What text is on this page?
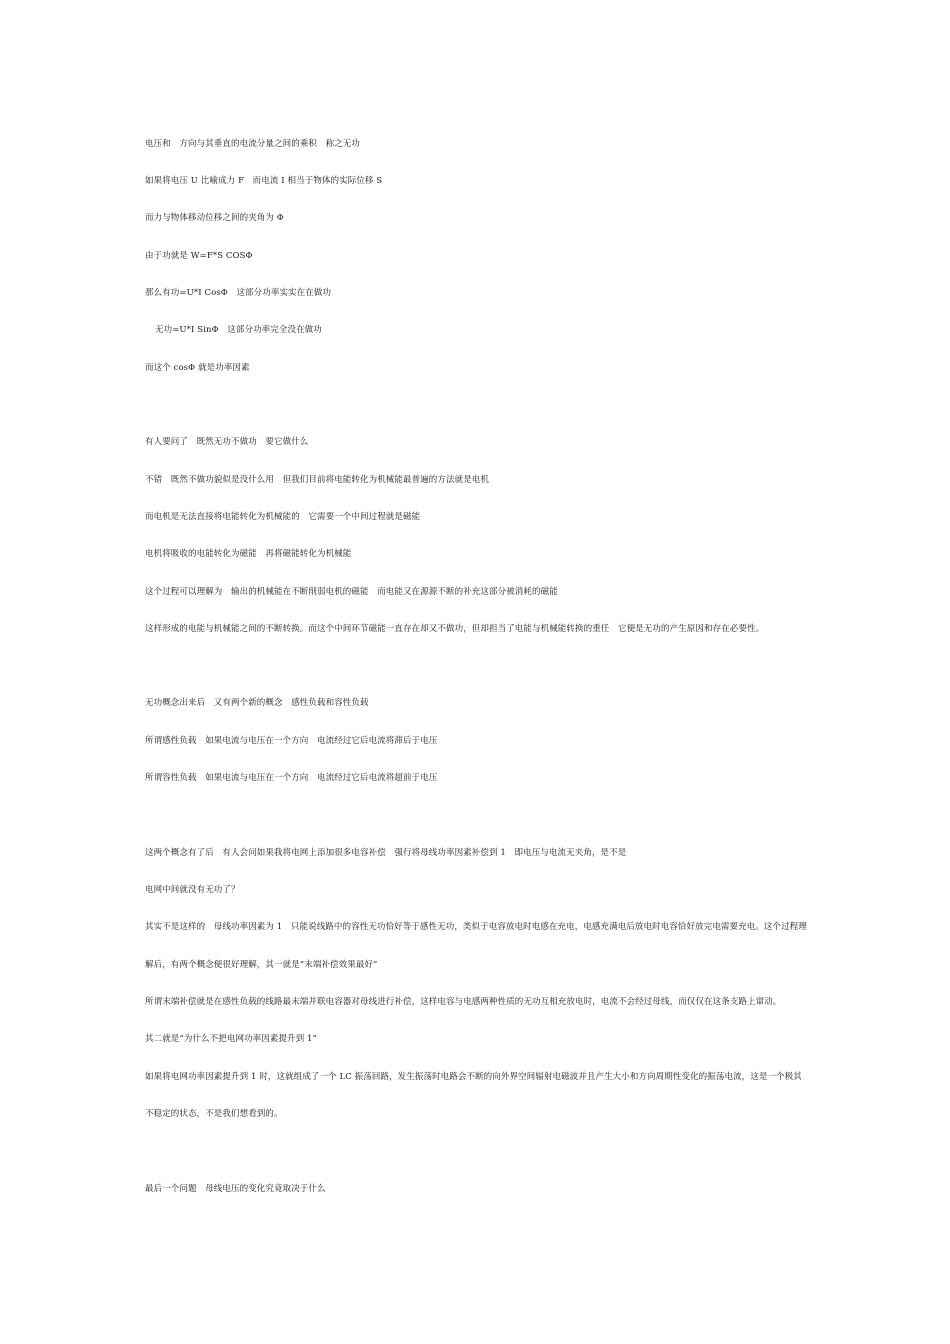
电压和　方向与其垂直的电流分量之间的乘积　称之无功
如果将电压 U 比喻成力 F　而电流 I 相当于物体的实际位移 S
而力与物体移动位移之间的夹角为 Φ
由于功就是 W=F*S COSΦ
那么有功=U*I CosΦ　这部分功率实实在在做功
无功=U*I SinΦ　这部分功率完全没在做功
而这个 cosΦ 就是功率因素
有人要问了　既然无功不做功　要它做什么
不错　既然不做功貌似是没什么用　但我们目前将电能转化为机械能最普遍的方法就是电机
而电机是无法直接将电能转化为机械能的　它需要一个中间过程就是磁能
电机将吸收的电能转化为磁能　再将磁能转化为机械能
这个过程可以理解为　输出的机械能在不断削弱电机的磁能　而电能又在源源不断的补充这部分被消耗的磁能
这样形成的电能与机械能之间的不断转换。而这个中间环节磁能一直存在却又不做功，但却担当了电能与机械能转换的重任　它便是无功的产生原因和存在必要性。
无功概念出来后　又有两个新的概念　感性负载和容性负载
所谓感性负载　如果电流与电压在一个方向　电流经过它后电流将滞后于电压
所谓容性负载　如果电流与电压在一个方向　电流经过它后电流将超前于电压
这两个概念有了后　有人会问如果我将电网上添加很多电容补偿　强行将母线功率因素补偿到 1　即电压与电流无夹角，是不是
电网中间就没有无功了？
其实不是这样的　母线功率因素为 1　只能说线路中的容性无功恰好等于感性无功，类似于电容放电时电感在充电，电感充满电后放电时电容恰好放完电需要充电。这个过程理
解后，有两个概念便很好理解，其一就是“末端补偿效果最好”
所谓末端补偿就是在感性负载的线路最末端并联电容器对母线进行补偿，这样电容与电感两种性质的无功互相充放电时，电流不会经过母线，而仅仅在这条支路上窜动。
其二就是“为什么不把电网功率因素提升到 1”
如果将电网功率因素提升到 1 时，这就组成了一个 LC 振荡回路，发生振荡时电路会不断的向外界空间辐射电磁波并且产生大小和方向周期性变化的振荡电流，这是一个极其
不稳定的状态，不是我们想看到的。
最后一个问题　母线电压的变化究竟取决于什么
